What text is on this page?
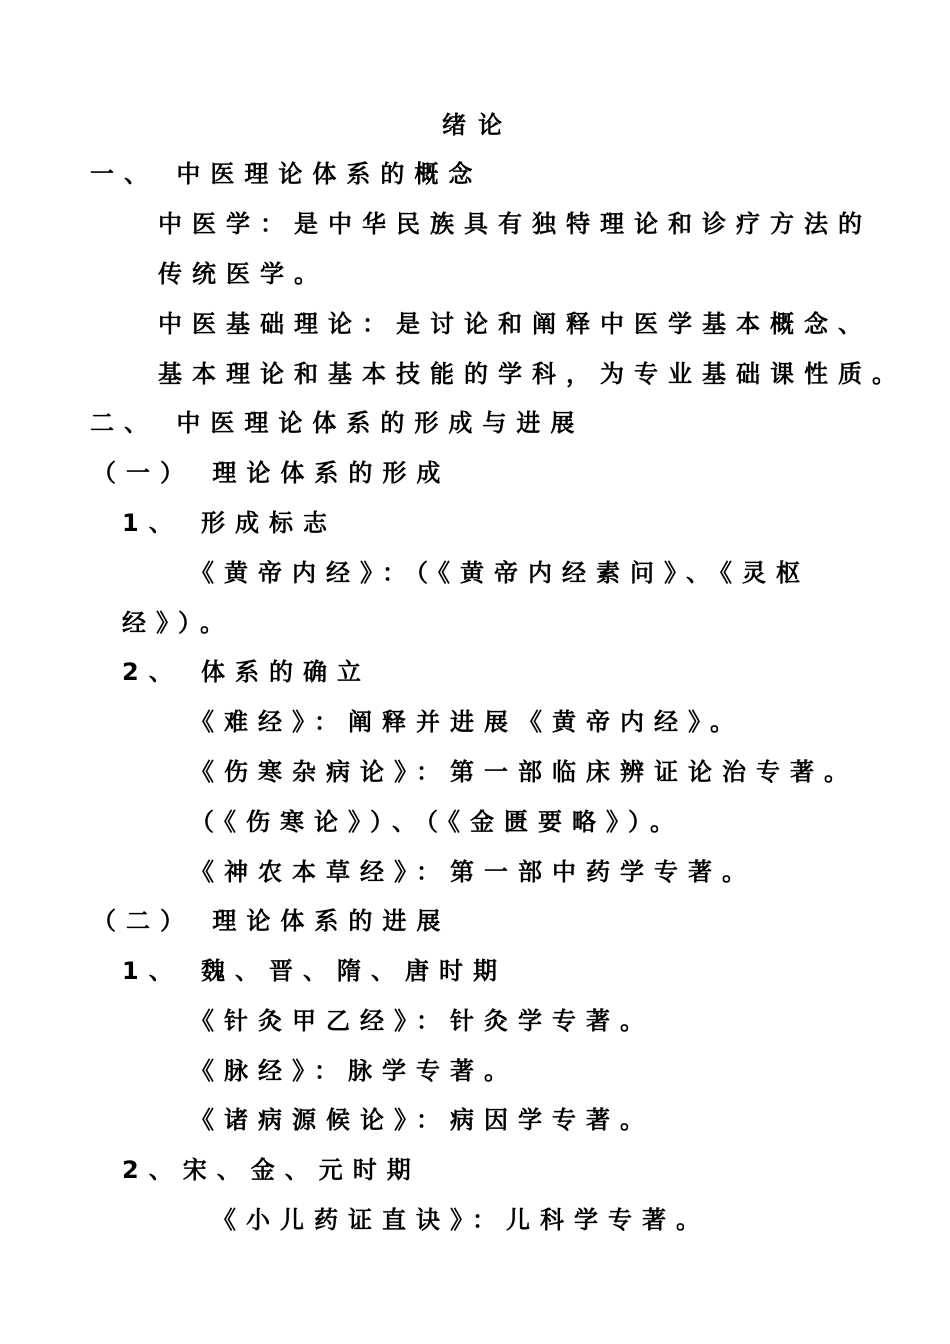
绪论
一、 中医理论体系的概念
中医学：是中华民族具有独特理论和诊疗方法的
传统医学。
中医基础理论：是讨论和阐释中医学基本概念、
基本理论和基本技能的学科，为专业基础课性质。
二、 中医理论体系的形成与进展
（一） 理论体系的形成
1、 形成标志
《黄帝内经》：（《黄帝内经素问》、《灵枢
经》）。
2、 体系的确立
《难经》：阐释并进展《黄帝内经》。
《伤寒杂病论》：第一部临床辨证论治专著。
（《伤寒论》）、（《金匮要略》）。
《神农本草经》：第一部中药学专著。
（二） 理论体系的进展
1、 魏、晋、隋、唐时期
《针灸甲乙经》：针灸学专著。
《脉经》：脉学专著。
《诸病源候论》：病因学专著。
2、宋、金、元时期
《小儿药证直诀》：儿科学专著。
